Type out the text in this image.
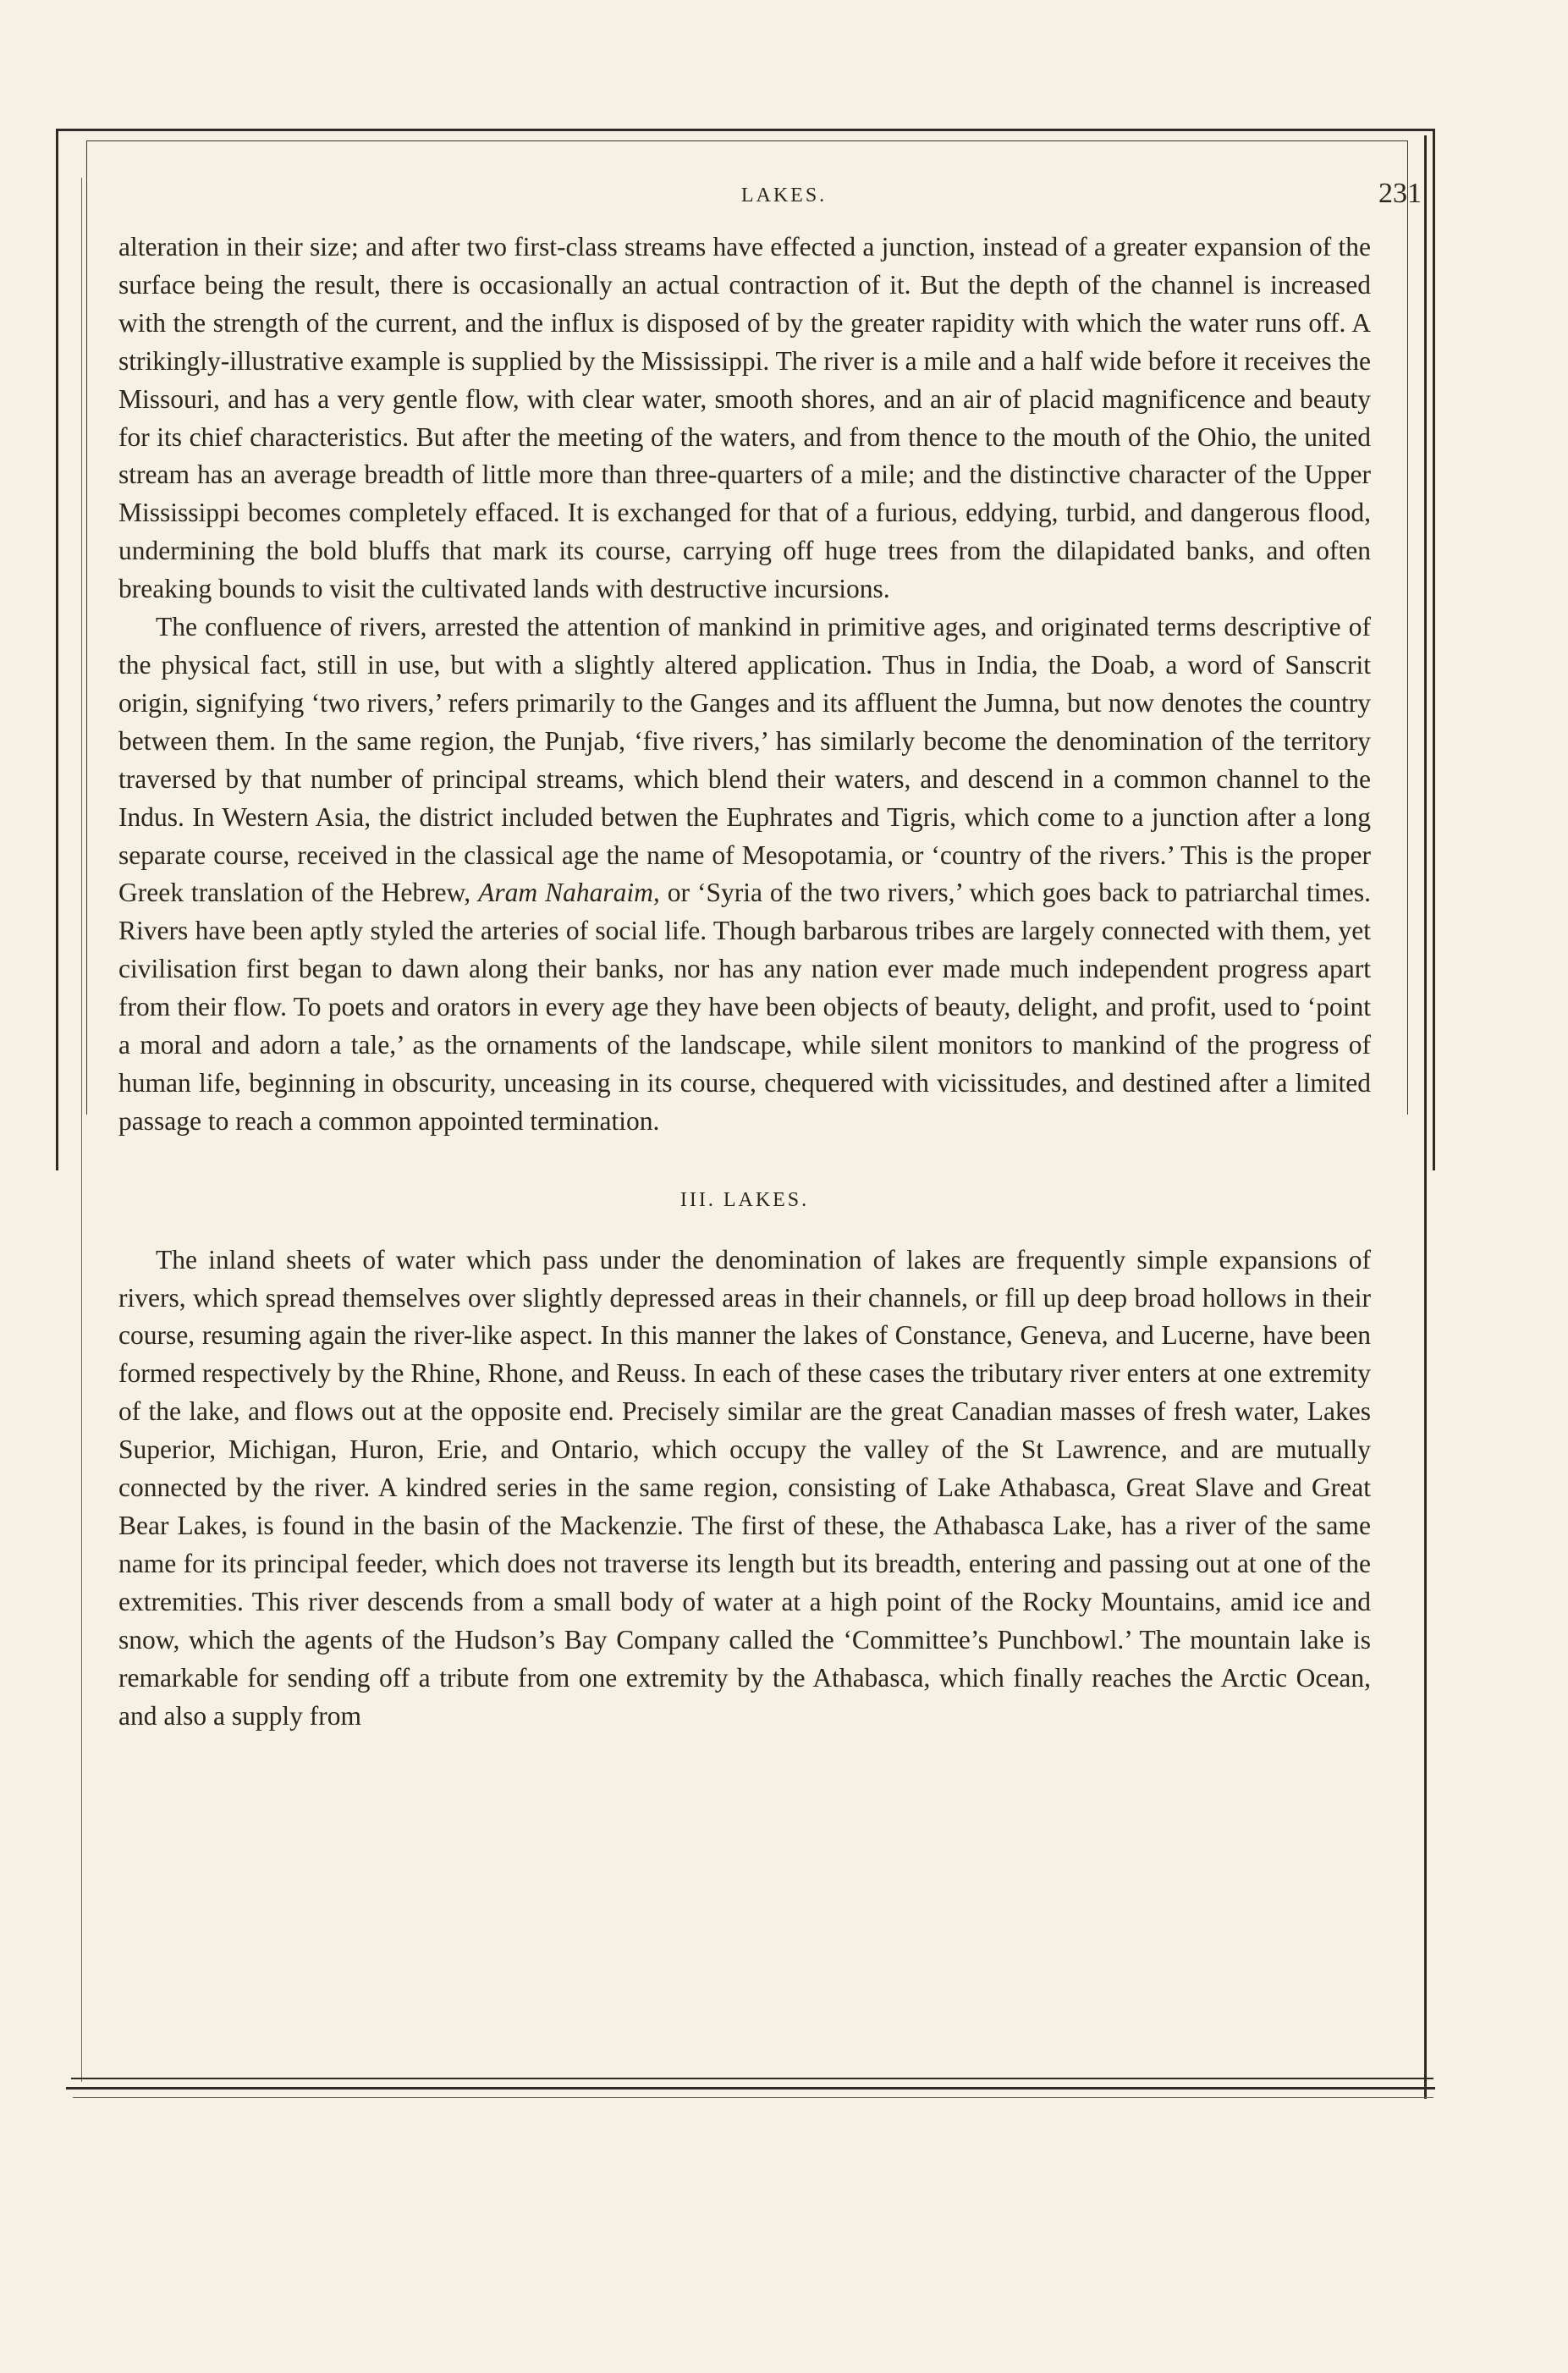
LAKES.	231

alteration in their size; and after two first-class streams have effected a junction, instead of a greater expansion of the surface being the result, there is occasionally an actual contraction of it. But the depth of the channel is increased with the strength of the current, and the influx is disposed of by the greater rapidity with which the water runs off. A strikingly-illustrative example is supplied by the Mississippi. The river is a mile and a half wide before it receives the Missouri, and has a very gentle flow, with clear water, smooth shores, and an air of placid magnificence and beauty for its chief characteristics. But after the meeting of the waters, and from thence to the mouth of the Ohio, the united stream has an average breadth of little more than three-quarters of a mile; and the distinctive character of the Upper Mississippi becomes completely effaced. It is exchanged for that of a furious, eddying, turbid, and dangerous flood, undermining the bold bluffs that mark its course, carrying off huge trees from the dilapidated banks, and often breaking bounds to visit the cultivated lands with destructive incursions.

The confluence of rivers, arrested the attention of mankind in primitive ages, and originated terms descriptive of the physical fact, still in use, but with a slightly altered application. Thus in India, the Doab, a word of Sanscrit origin, signifying ‘two rivers,’ refers primarily to the Ganges and its affluent the Jumna, but now denotes the country between them. In the same region, the Punjab, ‘five rivers,’ has similarly become the denomination of the territory traversed by that number of principal streams, which blend their waters, and descend in a common channel to the Indus. In Western Asia, the district included betwen the Euphrates and Tigris, which come to a junction after a long separate course, received in the classical age the name of Mesopotamia, or ‘country of the rivers.’ This is the proper Greek translation of the Hebrew, Aram Naharaim, or ‘Syria of the two rivers,’ which goes back to patriarchal times. Rivers have been aptly styled the arteries of social life. Though barbarous tribes are largely connected with them, yet civilisation first began to dawn along their banks, nor has any nation ever made much independent progress apart from their flow. To poets and orators in every age they have been objects of beauty, delight, and profit, used to ‘point a moral and adorn a tale,’ as the ornaments of the landscape, while silent monitors to mankind of the progress of human life, beginning in obscurity, unceasing in its course, chequered with vicissitudes, and destined after a limited passage to reach a common appointed termination.

III. LAKES.

The inland sheets of water which pass under the denomination of lakes are frequently simple expansions of rivers, which spread themselves over slightly depressed areas in their channels, or fill up deep broad hollows in their course, resuming again the river-like aspect. In this manner the lakes of Constance, Geneva, and Lucerne, have been formed respectively by the Rhine, Rhone, and Reuss. In each of these cases the tributary river enters at one extremity of the lake, and flows out at the opposite end. Precisely similar are the great Canadian masses of fresh water, Lakes Superior, Michigan, Huron, Erie, and Ontario, which occupy the valley of the St Lawrence, and are mutually connected by the river. A kindred series in the same region, consisting of Lake Athabasca, Great Slave and Great Bear Lakes, is found in the basin of the Mackenzie. The first of these, the Athabasca Lake, has a river of the same name for its principal feeder, which does not traverse its length but its breadth, entering and passing out at one of the extremities. This river descends from a small body of water at a high point of the Rocky Mountains, amid ice and snow, which the agents of the Hudson’s Bay Company called the ‘Committee’s Punchbowl.’ The mountain lake is remarkable for sending off a tribute from one extremity by the Athabasca, which finally reaches the Arctic Ocean, and also a supply from
